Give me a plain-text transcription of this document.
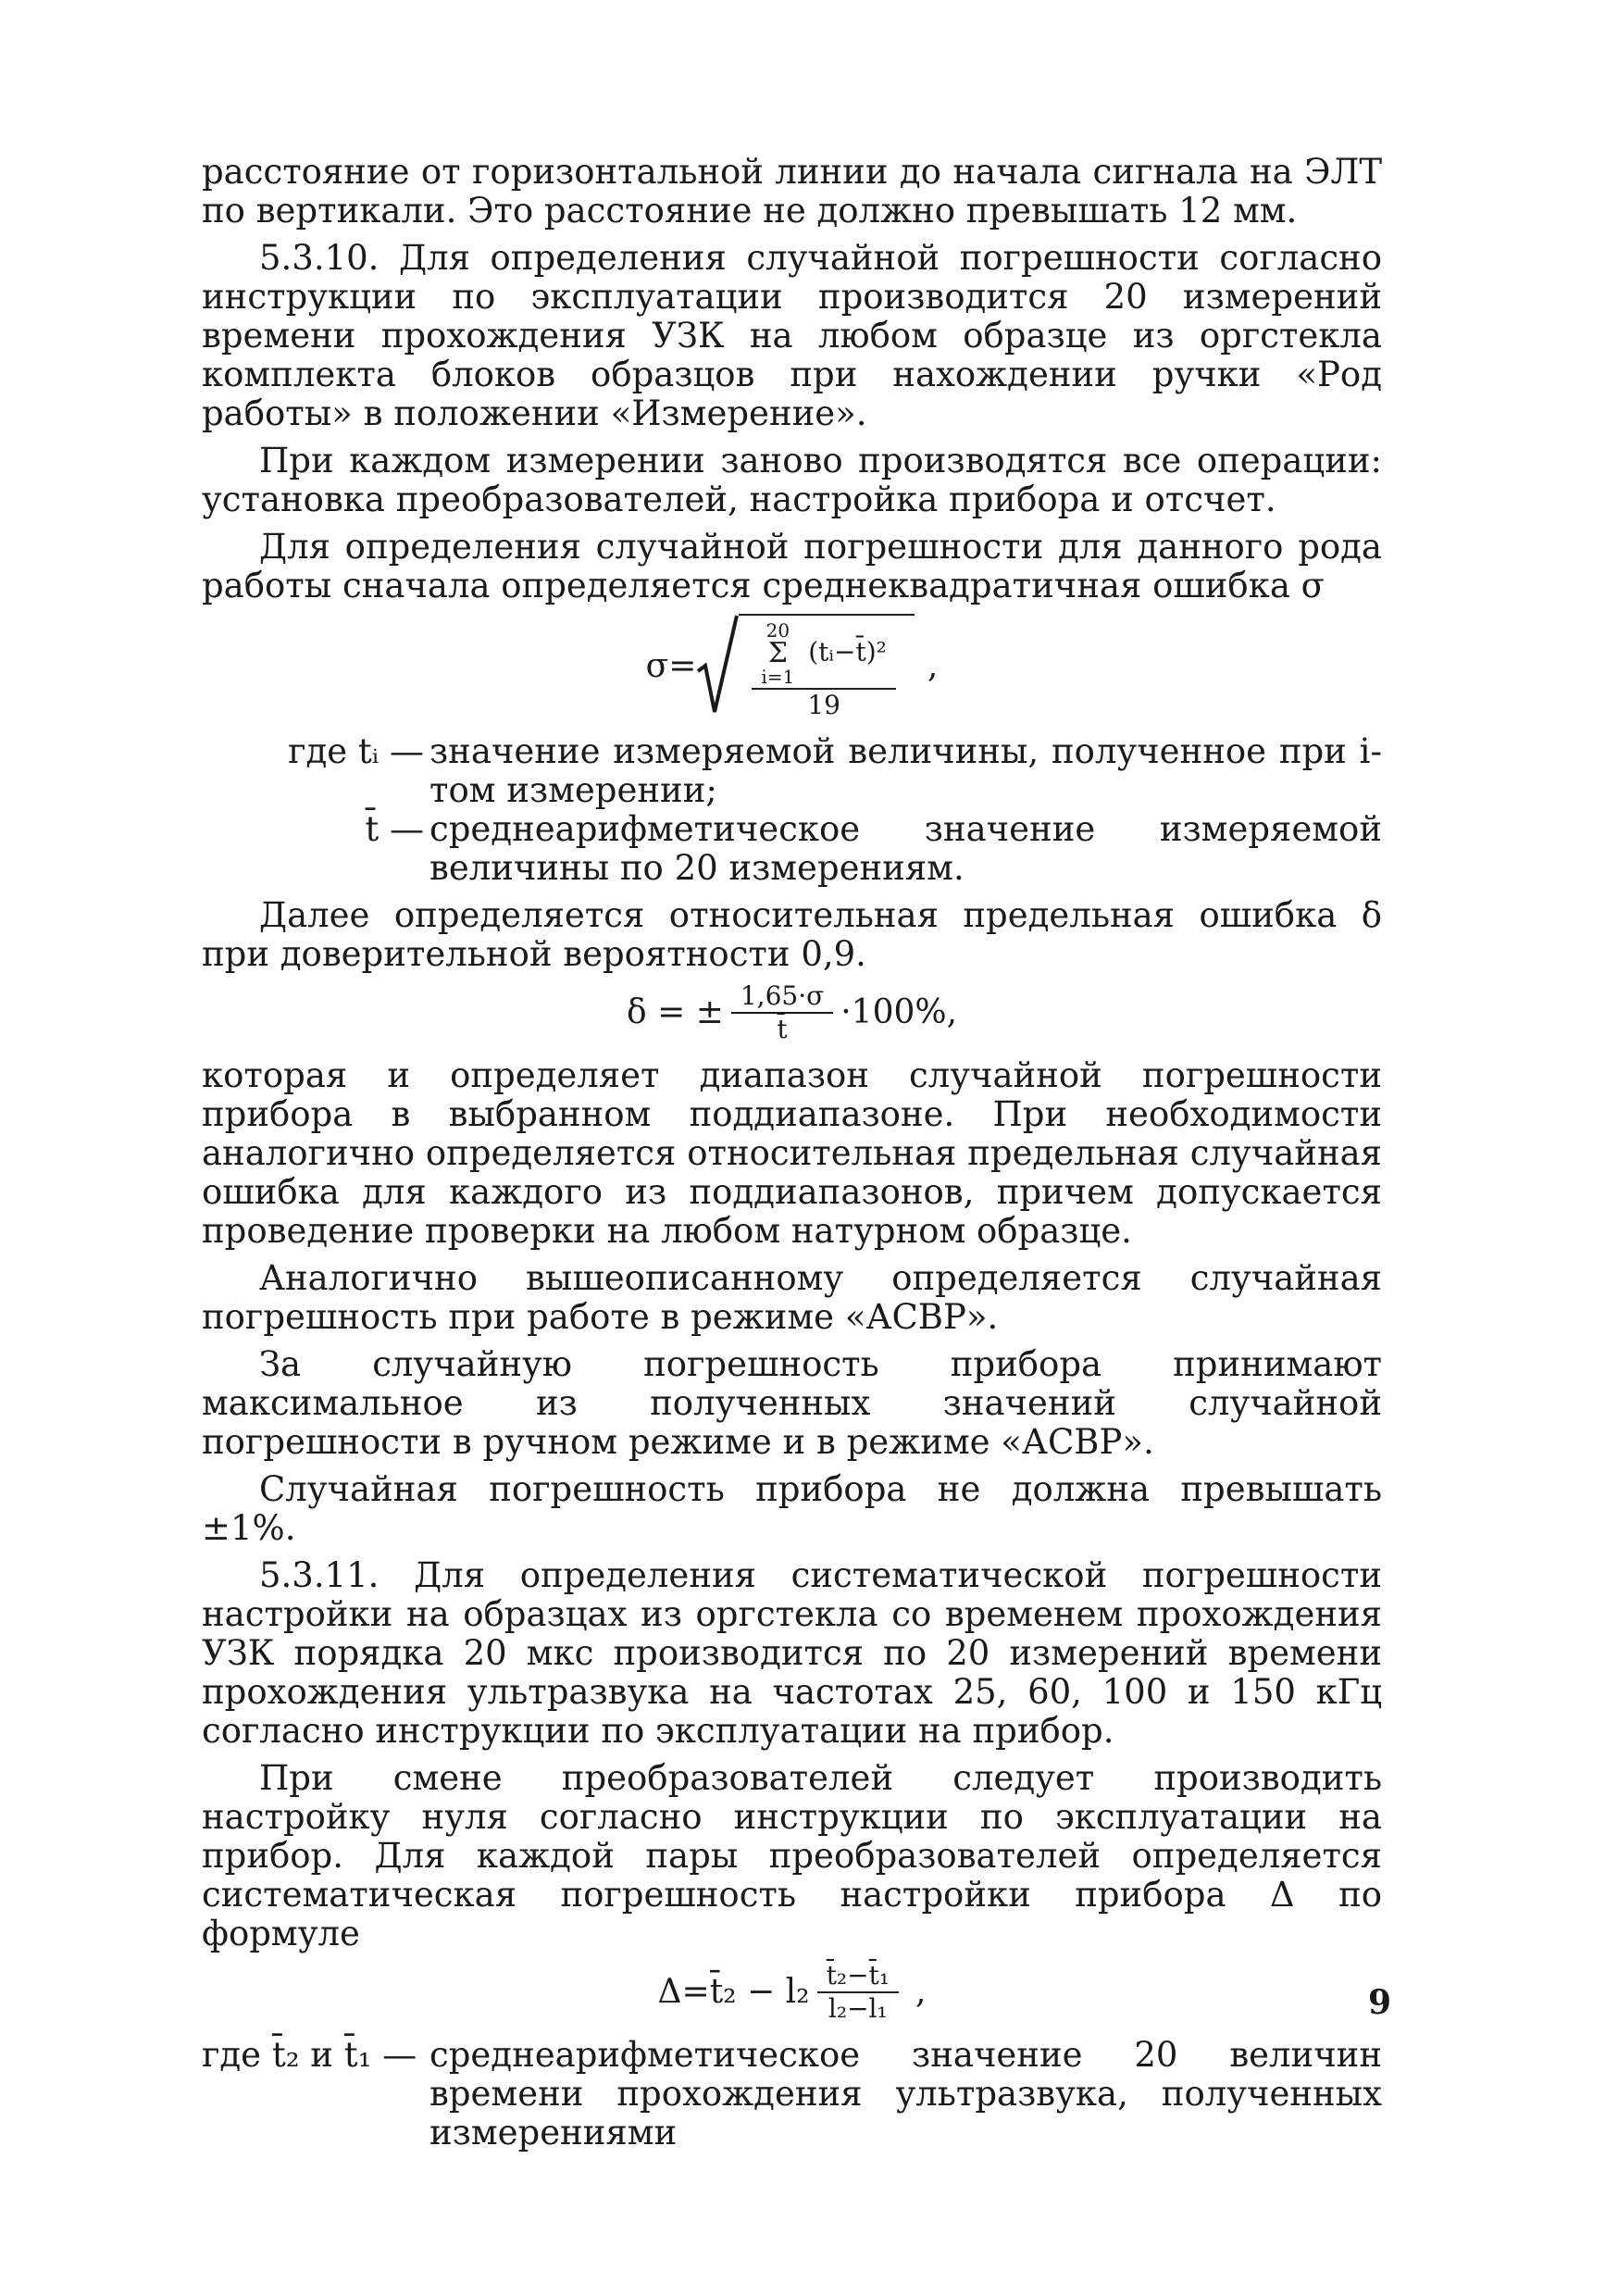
расстояние от горизонтальной линии до начала сигнала на ЭЛТ по вертикали. Это расстояние не должно превышать 12 мм.

5.3.10. Для определения случайной погрешности согласно инструкции по эксплуатации производится 20 измерений времени прохождения УЗК на любом образце из оргстекла комплекта блоков образцов при нахождении ручки «Род работы» в положении «Измерение».

При каждом измерении заново производятся все операции: установка преобразователей, настройка прибора и отсчет.

Для определения случайной погрешности для данного рода работы сначала определяется среднеквадратичная ошибка σ

σ=
20
Σ
i=1
(tᵢ−t̄)²
19
,
где tᵢ — значение измеряемой величины, полученное при i-том измерении;
t̄ — среднеарифметическое значение измеряемой величины по 20 измерениям.

Далее определяется относительная предельная ошибка δ при доверительной вероятности 0,9.

δ = ± $\frac{1,65\cdot\sigma}{t̄} \cdot 100\%$,

которая и определяет диапазон случайной погрешности прибора в выбранном поддиапазоне. При необходимости аналогично определяется относительная предельная случайная ошибка для каждого из поддиапазонов, причем допускается проведение проверки на любом натурном образце.

Аналогично вышеописанному определяется случайная погрешность при работе в режиме «АСВР».

За случайную погрешность прибора принимают максимальное из полученных значений случайной погрешности в ручном режиме и в режиме «АСВР».

Случайная погрешность прибора не должна превышать ±1%.

5.3.11. Для определения систематической погрешности настройки на образцах из оргстекла со временем прохождения УЗК порядка 20 мкс производится по 20 измерений времени прохождения ультразвука на частотах 25, 60, 100 и 150 кГц согласно инструкции по эксплуатации на прибор.

При смене преобразователей следует производить настройку нуля согласно инструкции по эксплуатации на прибор. Для каждой пары преобразователей определяется систематическая погрешность настройки прибора Δ по формуле

Δ=t̄₂ − $l_2 \frac{\text{t̄₂−t̄₁}}{\text{l₂−l₁}}$ ,
где t̄₂ и t̄₁ — среднеарифметическое значение 20 величин времени прохождения ультразвука, полученных измерениями
9
